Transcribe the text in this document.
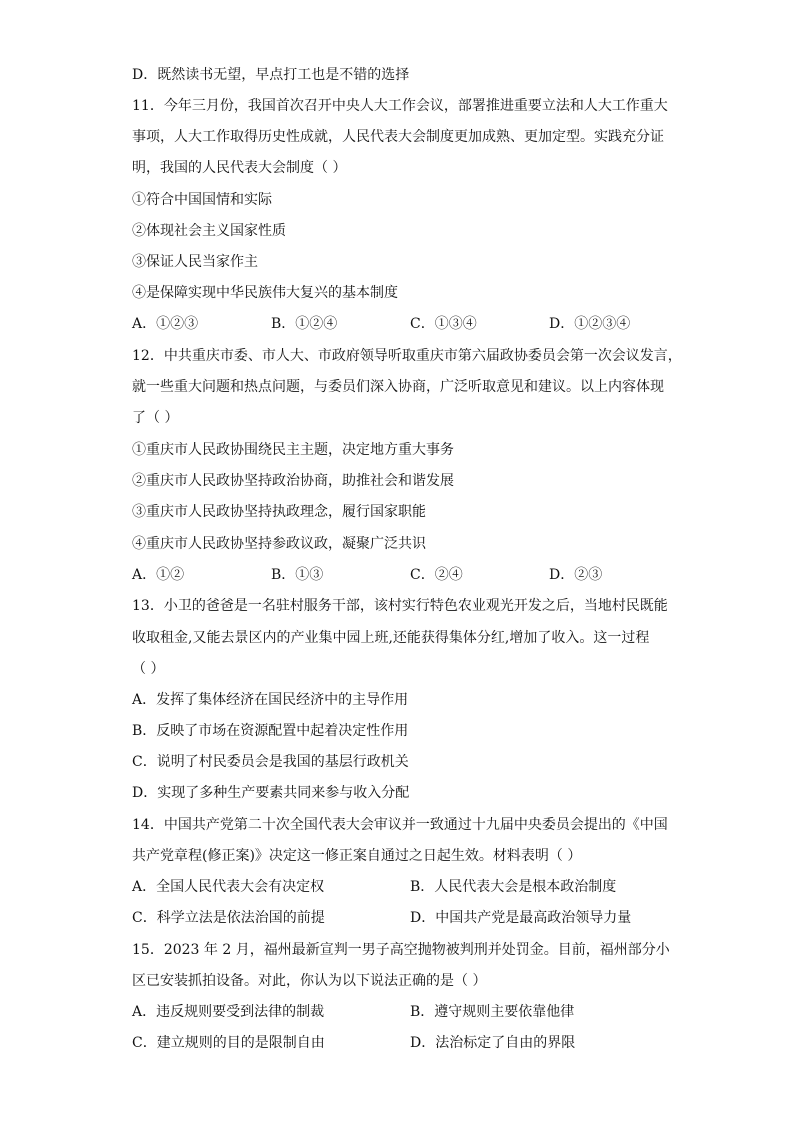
D．既然读书无望，早点打工也是不错的选择
11．今年三月份，我国首次召开中央人大工作会议，部署推进重要立法和人大工作重大
事项，人大工作取得历史性成就，人民代表大会制度更加成熟、更加定型。实践充分证
明，我国的人民代表大会制度（ ）
①符合中国国情和实际
②体现社会主义国家性质
③保证人民当家作主
④是保障实现中华民族伟大复兴的基本制度
A．①②③	B．①②④	C．①③④	D．①②③④
12．中共重庆市委、市人大、市政府领导听取重庆市第六届政协委员会第一次会议发言，
就一些重大问题和热点问题，与委员们深入协商，广泛听取意见和建议。以上内容体现
了（ ）
①重庆市人民政协围绕民主主题，决定地方重大事务
②重庆市人民政协坚持政治协商，助推社会和谐发展
③重庆市人民政协坚持执政理念，履行国家职能
④重庆市人民政协坚持参政议政，凝聚广泛共识
A．①②	B．①③	C．②④	D．②③
13．小卫的爸爸是一名驻村服务干部，该村实行特色农业观光开发之后，当地村民既能
收取租金,又能去景区内的产业集中园上班,还能获得集体分红,增加了收入。这一过程
（ ）
A．发挥了集体经济在国民经济中的主导作用
B．反映了市场在资源配置中起着决定性作用
C．说明了村民委员会是我国的基层行政机关
D．实现了多种生产要素共同来参与收入分配
14．中国共产党第二十次全国代表大会审议并一致通过十九届中央委员会提出的《中国
共产党章程(修正案)》决定这一修正案自通过之日起生效。材料表明（ ）
A．全国人民代表大会有决定权	B．人民代表大会是根本政治制度
C．科学立法是依法治国的前提	D．中国共产党是最高政治领导力量
15．2023 年 2 月，福州最新宣判一男子高空抛物被判刑并处罚金。目前，福州部分小
区已安装抓拍设备。对此，你认为以下说法正确的是（ ）
A．违反规则要受到法律的制裁	B．遵守规则主要依靠他律
C．建立规则的目的是限制自由	D．法治标定了自由的界限
